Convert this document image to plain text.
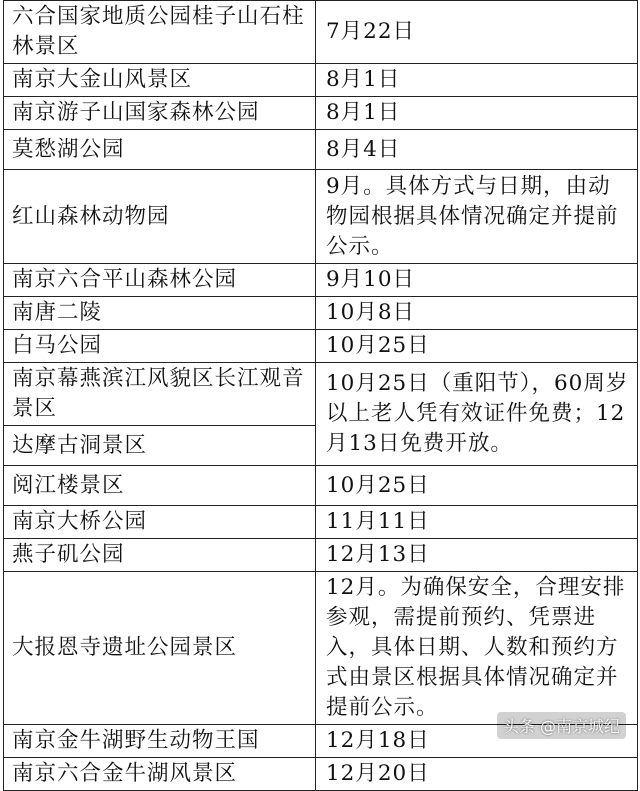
六合国家地质公园桂子山石柱林景区	7月22日
南京大金山风景区	8月1日
南京游子山国家森林公园	8月1日
莫愁湖公园	8月4日
红山森林动物园	9月。具体方式与日期，由动物园根据具体情况确定并提前公示。
南京六合平山森林公园	9月10日
南唐二陵	10月8日
白马公园	10月25日
南京幕燕滨江风貌区长江观音景区	10月25日（重阳节），60周岁以上老人凭有效证件免费；12月13日免费开放。
达摩古洞景区	
阅江楼景区	10月25日
南京大桥公园	11月11日
燕子矶公园	12月13日
大报恩寺遗址公园景区	12月。为确保安全，合理安排参观，需提前预约、凭票进入，具体日期、人数和预约方式由景区根据具体情况确定并提前公示。
南京金牛湖野生动物王国	12月18日
南京六合金牛湖风景区	12月20日
头条 @南京城纪
